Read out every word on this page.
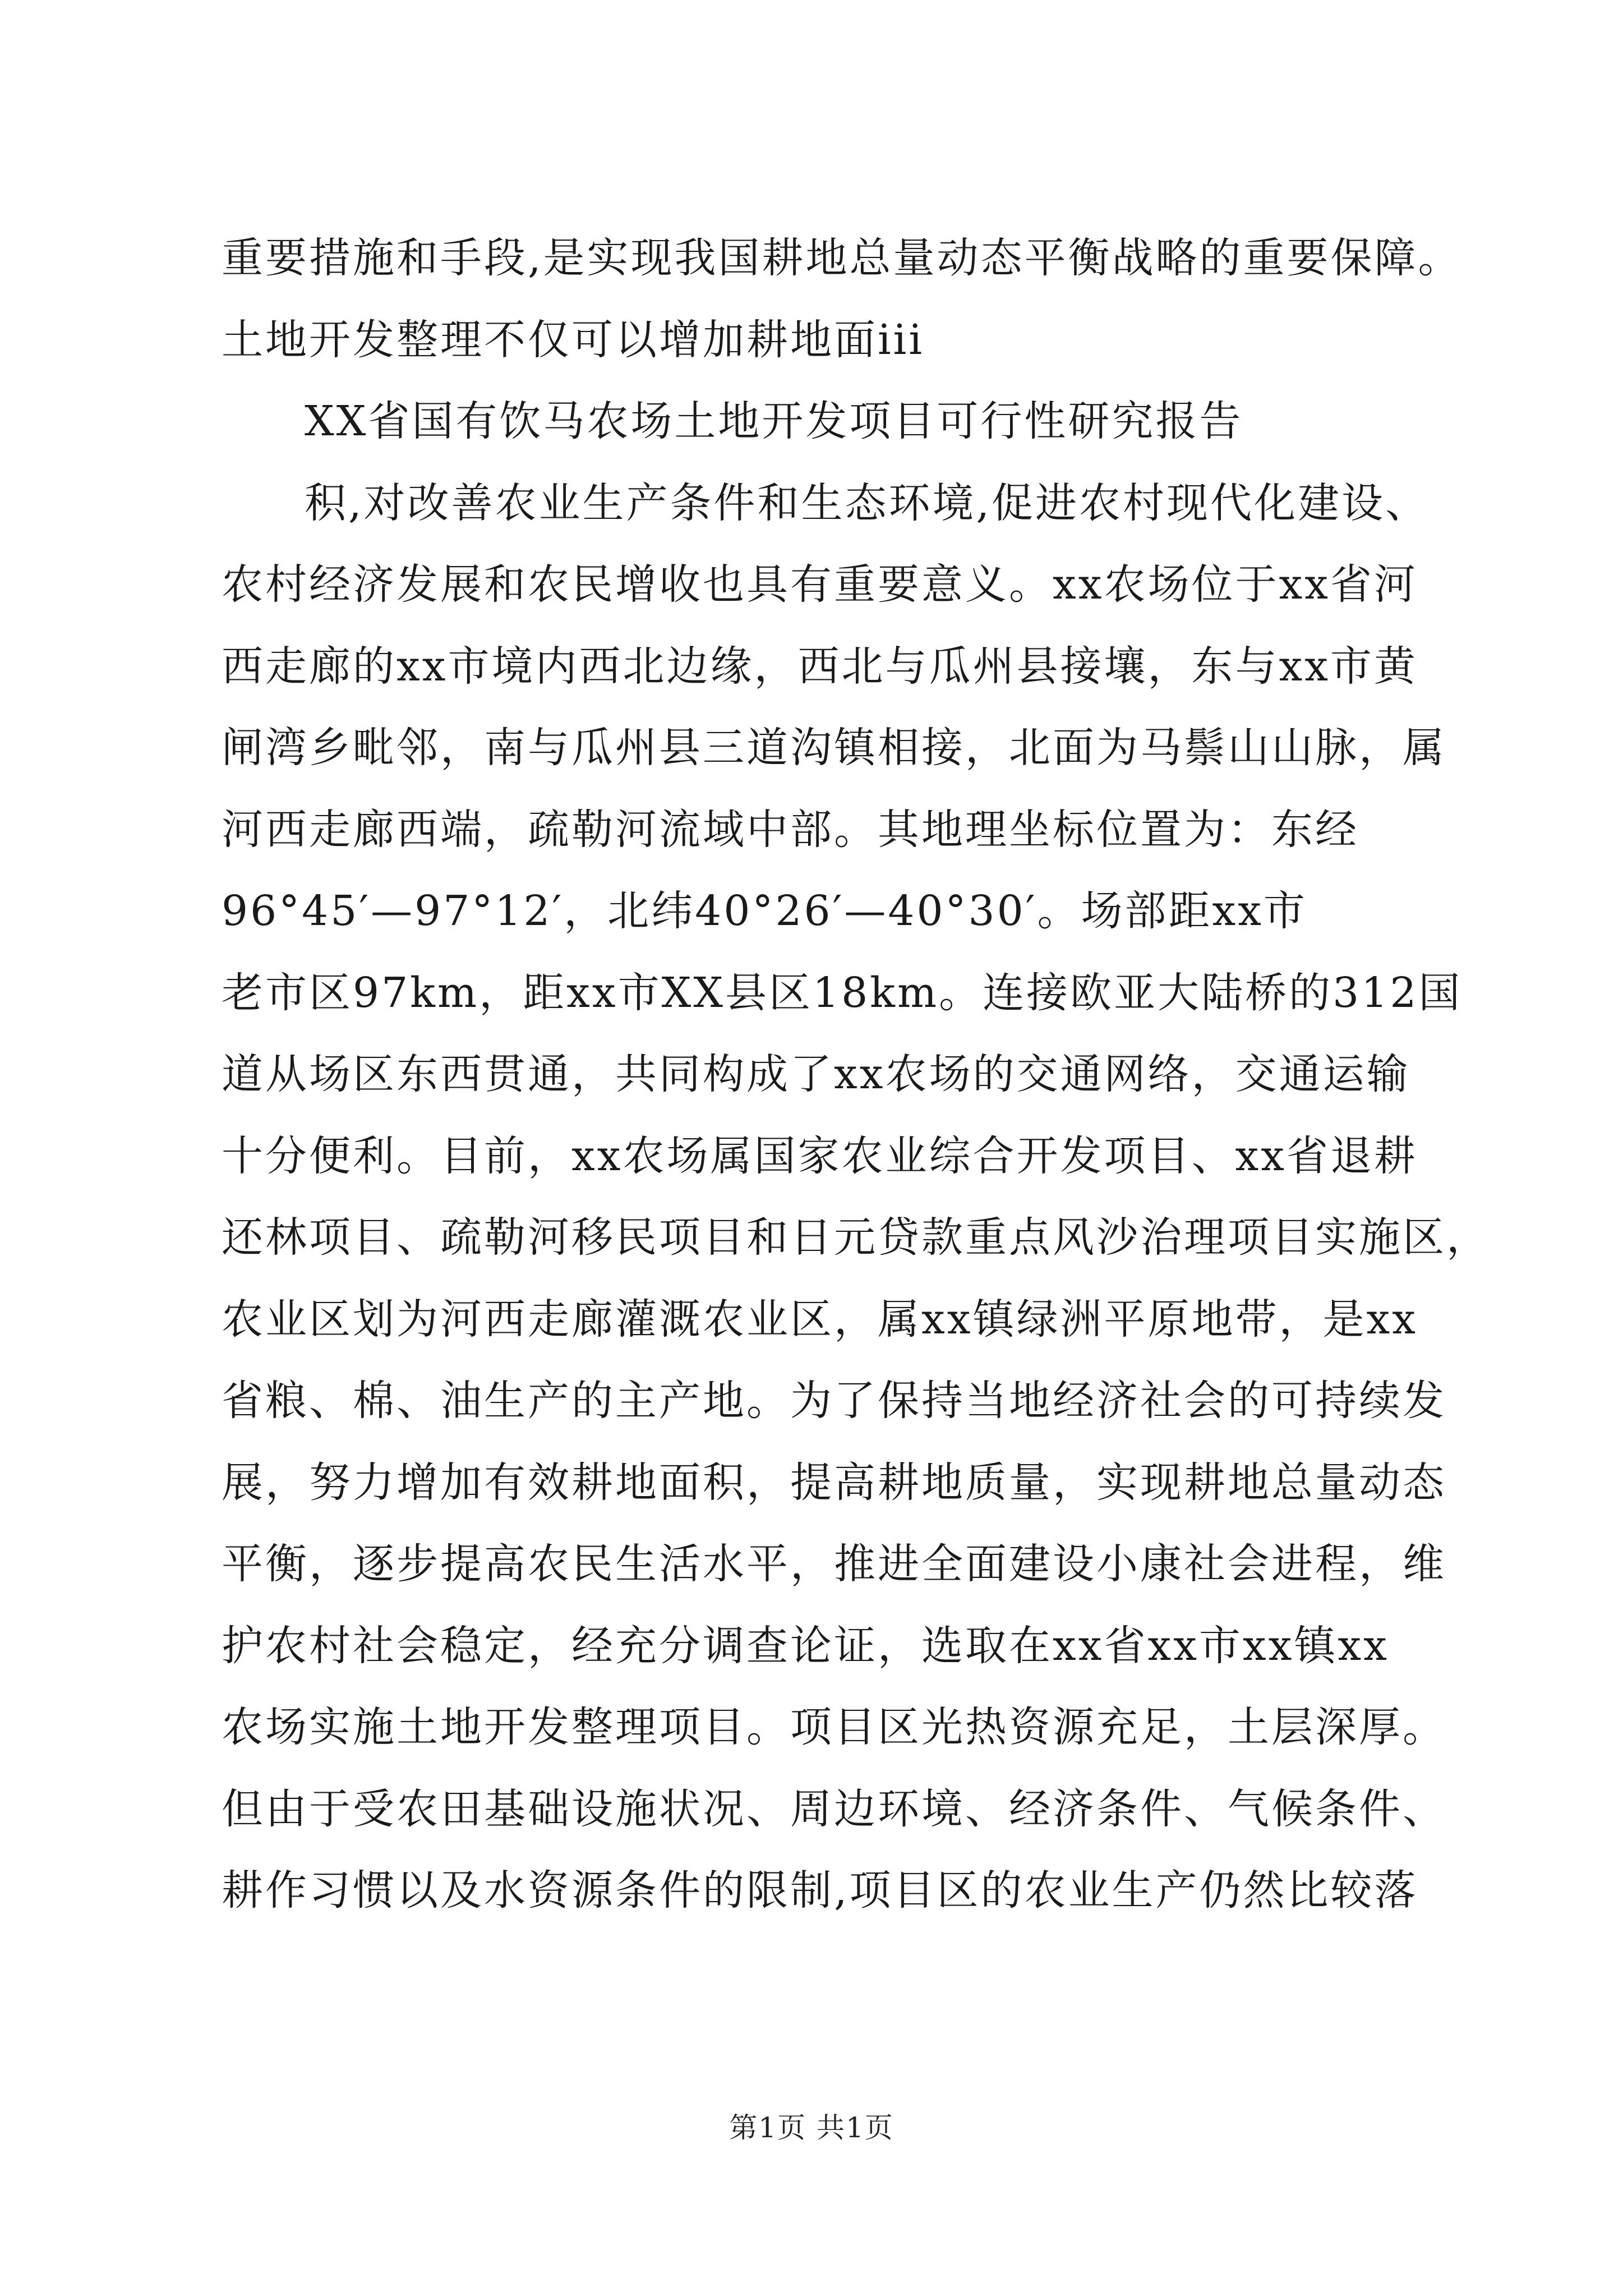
重要措施和手段,是实现我国耕地总量动态平衡战略的重要保障。
土地开发整理不仅可以增加耕地面iii
XX省国有饮马农场土地开发项目可行性研究报告
积,对改善农业生产条件和生态环境,促进农村现代化建设、
农村经济发展和农民增收也具有重要意义。xx农场位于xx省河
西走廊的xx市境内西北边缘，西北与瓜州县接壤，东与xx市黄
闸湾乡毗邻，南与瓜州县三道沟镇相接，北面为马鬃山山脉，属
河西走廊西端，疏勒河流域中部。其地理坐标位置为：东经
96°45′—97°12′，北纬40°26′—40°30′。场部距xx市
老市区97km，距xx市XX县区18km。连接欧亚大陆桥的312国
道从场区东西贯通，共同构成了xx农场的交通网络，交通运输
十分便利。目前，xx农场属国家农业综合开发项目、xx省退耕
还林项目、疏勒河移民项目和日元贷款重点风沙治理项目实施区，
农业区划为河西走廊灌溉农业区，属xx镇绿洲平原地带，是xx
省粮、棉、油生产的主产地。为了保持当地经济社会的可持续发
展，努力增加有效耕地面积，提高耕地质量，实现耕地总量动态
平衡，逐步提高农民生活水平，推进全面建设小康社会进程，维
护农村社会稳定，经充分调查论证，选取在xx省xx市xx镇xx
农场实施土地开发整理项目。项目区光热资源充足，土层深厚。
但由于受农田基础设施状况、周边环境、经济条件、气候条件、
耕作习惯以及水资源条件的限制,项目区的农业生产仍然比较落
第1页 共1页
